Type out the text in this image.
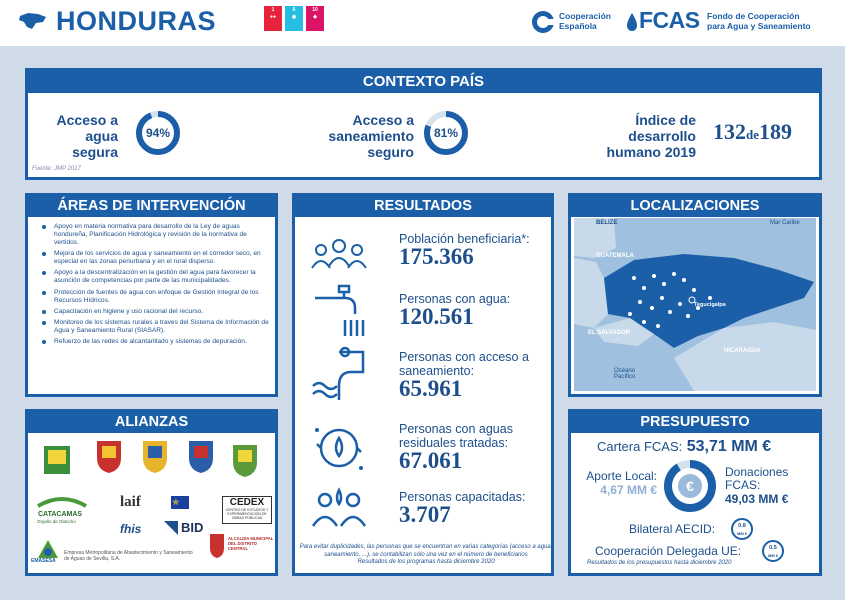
HONDURAS	1
●●
6
◉
10
◆	Cooperación
Española	FCAS Fondo de Cooperación
para Agua y Saneamiento
CONTEXTO PAÍS
Acceso a
agua
segura
94%
Acceso a
saneamiento
seguro
81%
Índice de
desarrollo
humano 2019
132de189
Fuente: JMP 2017
ÁREAS DE INTERVENCIÓN
Apoyo en materia normativa para desarrollo de la Ley de aguas hondureña, Planificación Hidrológica y revisión de la normativa de vertidos.
Mejora de los servicios de agua y saneamiento en el corredor seco, en especial en las zonas periurbana y en el rural disperso.
Apoyo a la descentralización en la gestión del agua para favorecer la asunción de competencias por parte de las municipalidades.
Protección de fuentes de agua con enfoque de Gestión Integral de los Recursos Hídricos.
Capacitación en higiene y uso racional del recurso.
Monitoreo de los sistemas rurales a traves del Sistema de Información de Agua y Saneamiento Rural (SIASAR).
Refuerzo de las redes de alcantarillado y sistemas de depuración.
ALIANZAS
CATACAMAS
Orgullo de Olancho
laif	✯
fhis	BID
CEDEX
CENTRO DE ESTUDIOS Y EXPERIMENTACIÓN DE OBRAS PÚBLICAS
EMASESA
Empresa Metropolitana de Abastecimiento y Saneamiento de Aguas de Sevilla, S.A.
ALCALDÍA MUNICIPAL DEL DISTRITO CENTRAL
RESULTADOS
Población beneficiaria*:
175.366
Personas con agua:
120.561
Personas con acceso a saneamiento:
65.961
Personas con aguas residuales tratadas:
67.061
Personas capacitadas:
3.707
Para evitar duplicidades, las personas que se encuentran en varias categorías (acceso a agua, saneamiento, ...), se contabilizan sólo una vez en el número de beneficiarios
Resultados de los programas hasta diciembre 2020
LOCALIZACIONES
BELIZE	Mar Caribe
GUATEMALA
Tegucigalpa
EL SALVADOR
NICARAGUA
Océano Pacífico
PRESUPUESTO
Cartera FCAS: 53,71 MM €
Aporte Local:
4,67 MM € €
Donaciones FCAS:
49,03 MM €
Bilateral AECID:	0.8
MM €
Cooperación Delegada UE:	0.5
MM €
Resultados de los presupuestos hasta diciembre 2020
